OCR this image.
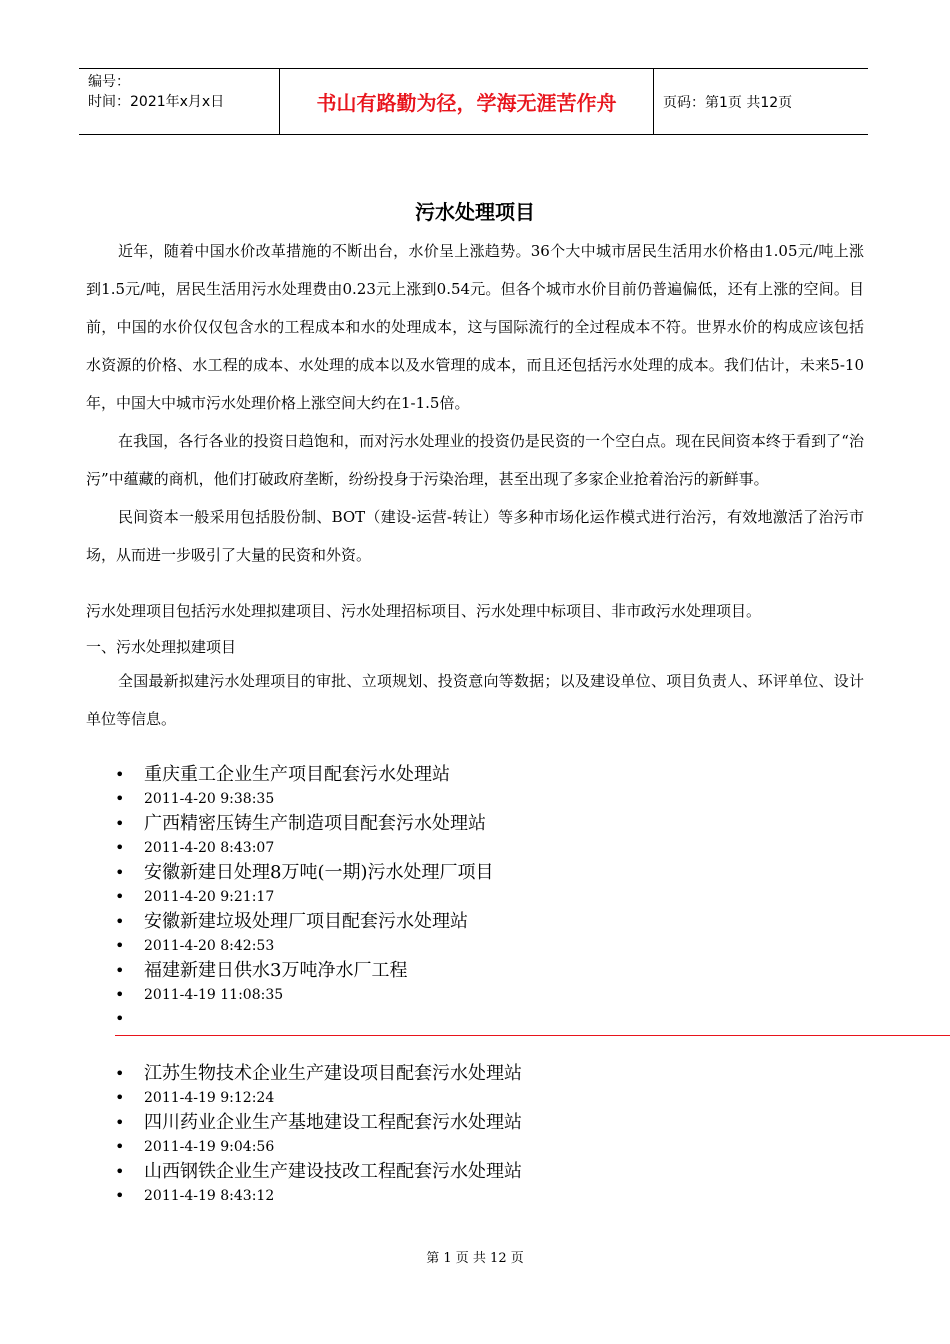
编号：
时间：2021年x月x日	书山有路勤为径，学海无涯苦作舟	页码：第1页 共12页
污水处理项目

近年，随着中国水价改革措施的不断出台，水价呈上涨趋势。36个大中城市居民生活用水价格由1.05元/吨上涨到1.5元/吨，居民生活用污水处理费由0.23元上涨到0.54元。但各个城市水价目前仍普遍偏低，还有上涨的空间。目前，中国的水价仅仅包含水的工程成本和水的处理成本，这与国际流行的全过程成本不符。世界水价的构成应该包括水资源的价格、水工程的成本、水处理的成本以及水管理的成本，而且还包括污水处理的成本。我们估计，未来5-10年，中国大中城市污水处理价格上涨空间大约在1-1.5倍。

在我国，各行各业的投资日趋饱和，而对污水处理业的投资仍是民资的一个空白点。现在民间资本终于看到了“治污”中蕴藏的商机，他们打破政府垄断，纷纷投身于污染治理，甚至出现了多家企业抢着治污的新鲜事。

民间资本一般采用包括股份制、BOT（建设-运营-转让）等多种市场化运作模式进行治污，有效地激活了治污市场，从而进一步吸引了大量的民资和外资。

污水处理项目包括污水处理拟建项目、污水处理招标项目、污水处理中标项目、非市政污水处理项目。
一、污水处理拟建项目

全国最新拟建污水处理项目的审批、立项规划、投资意向等数据；以及建设单位、项目负责人、环评单位、设计单位等信息。

• 重庆重工企业生产项目配套污水处理站
• 2011-4-20 9:38:35
• 广西精密压铸生产制造项目配套污水处理站
• 2011-4-20 8:43:07
• 安徽新建日处理8万吨(一期)污水处理厂项目
• 2011-4-20 9:21:17
• 安徽新建垃圾处理厂项目配套污水处理站
• 2011-4-20 8:42:53
• 福建新建日供水3万吨净水厂工程
• 2011-4-19 11:08:35
•
• 江苏生物技术企业生产建设项目配套污水处理站
• 2011-4-19 9:12:24
• 四川药业企业生产基地建设工程配套污水处理站
• 2011-4-19 9:04:56
• 山西钢铁企业生产建设技改工程配套污水处理站
• 2011-4-19 8:43:12
第 1 页 共 12 页
